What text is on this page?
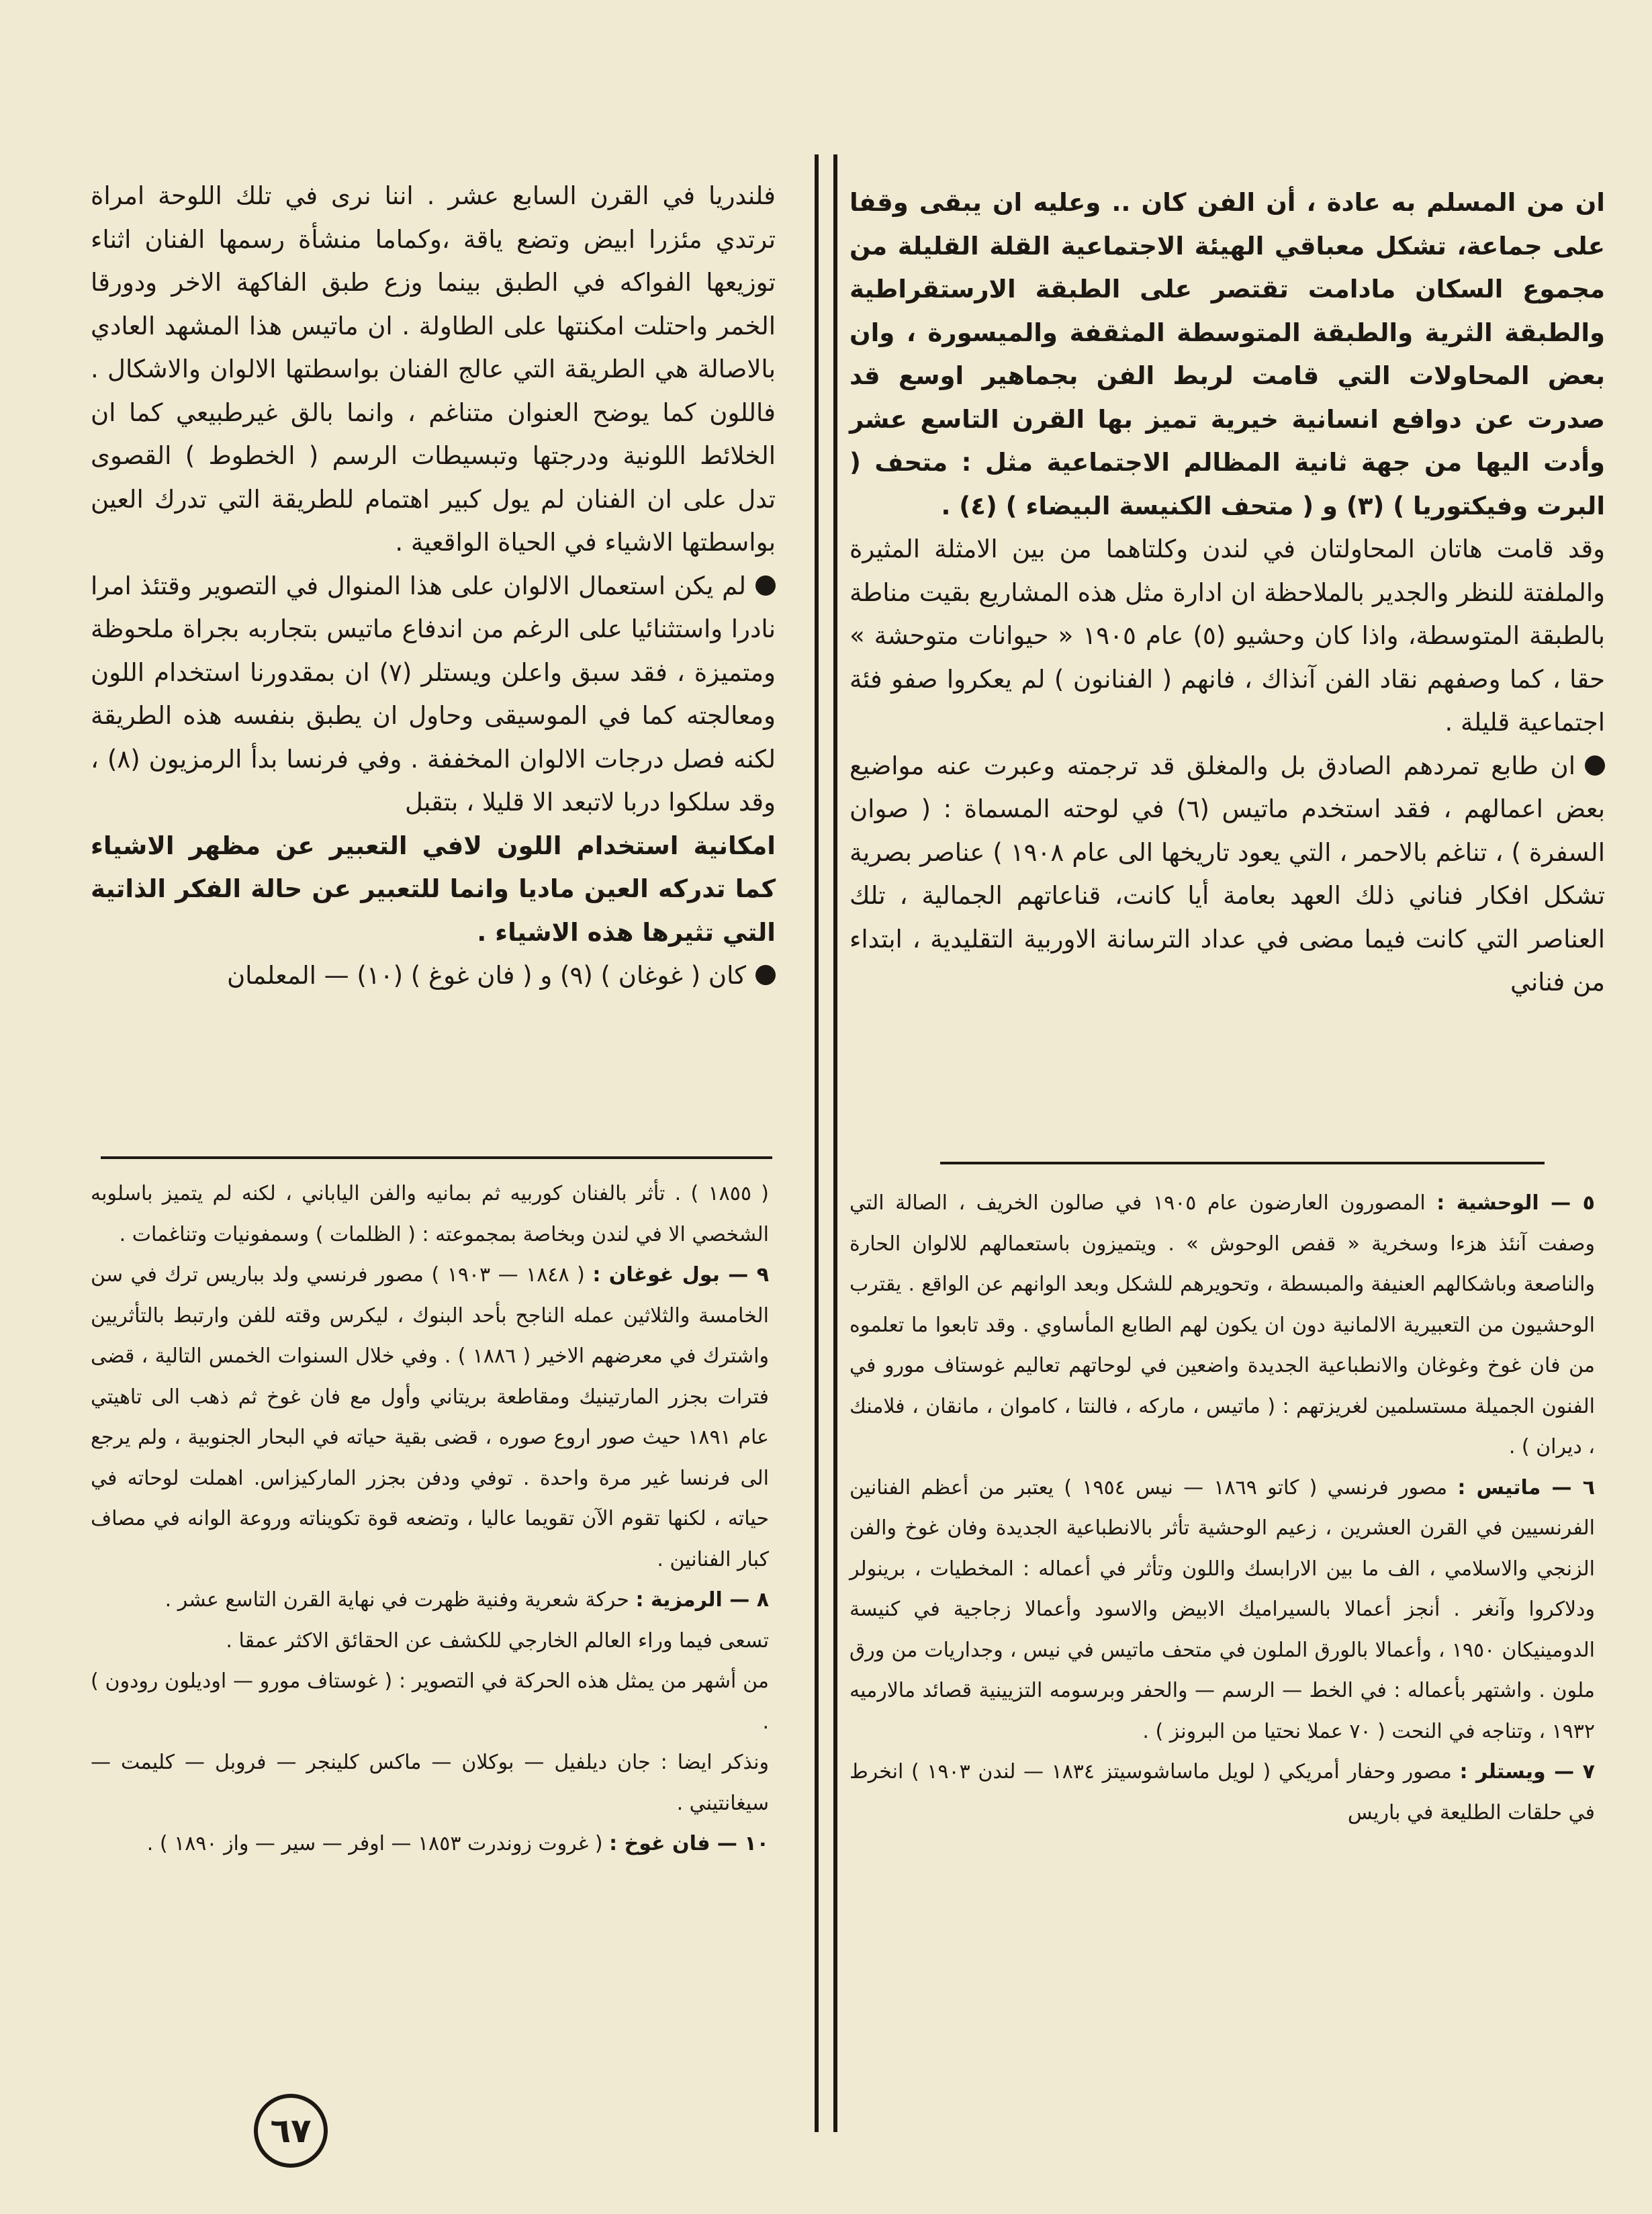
ان من المسلم به عادة ، أن الفن كان .. وعليه ان يبقى وقفا على جماعة، تشكل معباقي الهيئة الاجتماعية القلة القليلة من مجموع السكان مادامت تقتصر على الطبقة الارستقراطية والطبقة الثرية والطبقة المتوسطة المثقفة والميسورة ، وان بعض المحاولات التي قامت لربط الفن بجماهير اوسع قد صدرت عن دوافع انسانية خيرية تميز بها القرن التاسع عشر وأدت اليها من جهة ثانية المظالم الاجتماعية مثل : متحف ( البرت وفيكتوريا ) (٣) و ( متحف الكنيسة البيضاء ) (٤) .

وقد قامت هاتان المحاولتان في لندن وكلتاهما من بين الامثلة المثيرة والملفتة للنظر والجدير بالملاحظة ان ادارة مثل هذه المشاريع بقيت مناطة بالطبقة المتوسطة، واذا كان وحشيو (٥) عام ١٩٠٥ « حيوانات متوحشة » حقا ، كما وصفهم نقاد الفن آنذاك ، فانهم ( الفنانون ) لم يعكروا صفو فئة اجتماعية قليلة .

ان طابع تمردهم الصادق بل والمغلق قد ترجمته وعبرت عنه مواضيع بعض اعمالهم ، فقد استخدم ماتيس (٦) في لوحته المسماة : ( صوان السفرة ) ، تناغم بالاحمر ، التي يعود تاريخها الى عام ١٩٠٨ ) عناصر بصرية تشكل افكار فناني ذلك العهد بعامة أيا كانت، قناعاتهم الجمالية ، تلك العناصر التي كانت فيما مضى في عداد الترسانة الاوربية التقليدية ، ابتداء من فناني

فلندريا في القرن السابع عشر . اننا نرى في تلك اللوحة امراة ترتدي مئزرا ابيض وتضع ياقة ،وكماما منشأة رسمها الفنان اثناء توزيعها الفواكه في الطبق بينما وزع طبق الفاكهة الاخر ودورقا الخمر واحتلت امكنتها على الطاولة . ان ماتيس هذا المشهد العادي بالاصالة هي الطريقة التي عالج الفنان بواسطتها الالوان والاشكال . فاللون كما يوضح العنوان متناغم ، وانما بالق غيرطبيعي كما ان الخلائط اللونية ودرجتها وتبسيطات الرسم ( الخطوط ) القصوى تدل على ان الفنان لم يول كبير اهتمام للطريقة التي تدرك العين بواسطتها الاشياء في الحياة الواقعية .

لم يكن استعمال الالوان على هذا المنوال في التصوير وقتئذ امرا نادرا واستثنائيا على الرغم من اندفاع ماتيس بتجاربه بجراة ملحوظة ومتميزة ، فقد سبق واعلن ويستلر (٧) ان بمقدورنا استخدام اللون ومعالجته كما في الموسيقى وحاول ان يطبق بنفسه هذه الطريقة لكنه فصل درجات الالوان المخففة . وفي فرنسا بدأ الرمزيون (٨) ، وقد سلكوا دربا لاتبعد الا قليلا ، بتقبل

امكانية استخدام اللون لافي التعبير عن مظهر الاشياء كما تدركه العين ماديا وانما للتعبير عن حالة الفكر الذاتية التي تثيرها هذه الاشياء .

كان ( غوغان ) (٩) و ( فان غوغ ) (١٠) — المعلمان

٥ — الوحشية : المصورون العارضون عام ١٩٠٥ في صالون الخريف ، الصالة التي وصفت آنئذ هزءا وسخرية « قفص الوحوش » . ويتميزون باستعمالهم للالوان الحارة والناصعة وباشكالهم العنيفة والمبسطة ، وتحويرهم للشكل وبعد الوانهم عن الواقع . يقترب الوحشيون من التعبيرية الالمانية دون ان يكون لهم الطابع المأساوي . وقد تابعوا ما تعلموه من فان غوخ وغوغان والانطباعية الجديدة واضعين في لوحاتهم تعاليم غوستاف مورو في الفنون الجميلة مستسلمين لغريزتهم : ( ماتيس ، ماركه ، فالنتا ، كاموان ، مانقان ، فلامنك ، ديران ) .

٦ — ماتيس : مصور فرنسي ( كاتو ١٨٦٩ — نيس ١٩٥٤ ) يعتبر من أعظم الفنانين الفرنسيين في القرن العشرين ، زعيم الوحشية تأثر بالانطباعية الجديدة وفان غوخ والفن الزنجي والاسلامي ، الف ما بين الارابسك واللون وتأثر في أعماله : المخطيات ، برينولر ودلاكروا وآنغر . أنجز أعمالا بالسيراميك الابيض والاسود وأعمالا زجاجية في كنيسة الدومينيكان ١٩٥٠ ، وأعمالا بالورق الملون في متحف ماتيس في نيس ، وجداريات من ورق ملون . واشتهر بأعماله : في الخط — الرسم — والحفر وبرسومه التزيينية قصائد مالارميه ١٩٣٢ ، وتناجه في النحت ( ٧٠ عملا نحتيا من البرونز ) .

٧ — ويستلر : مصور وحفار أمريكي ( لويل ماساشوسيتز ١٨٣٤ — لندن ١٩٠٣ ) انخرط في حلقات الطليعة في باريس

( ١٨٥٥ ) . تأثر بالفنان كوربيه ثم بمانيه والفن الياباني ، لكنه لم يتميز باسلوبه الشخصي الا في لندن وبخاصة بمجموعته : ( الظلمات ) وسمفونيات وتناغمات .

٩ — بول غوغان : ( ١٨٤٨ — ١٩٠٣ ) مصور فرنسي ولد بباريس ترك في سن الخامسة والثلاثين عمله الناجح بأحد البنوك ، ليكرس وقته للفن وارتبط بالتأثريين واشترك في معرضهم الاخير ( ١٨٨٦ ) . وفي خلال السنوات الخمس التالية ، قضى فترات بجزر المارتينيك ومقاطعة بريتاني وأول مع فان غوخ ثم ذهب الى تاهيتي عام ١٨٩١ حيث صور اروع صوره ، قضى بقية حياته في البحار الجنوبية ، ولم يرجع الى فرنسا غير مرة واحدة . توفي ودفن بجزر الماركيزاس. اهملت لوحاته في حياته ، لكنها تقوم الآن تقويما عاليا ، وتضعه قوة تكويناته وروعة الوانه في مصاف كبار الفنانين .

٨ — الرمزية : حركة شعرية وفنية ظهرت في نهاية القرن التاسع عشر .

تسعى فيما وراء العالم الخارجي للكشف عن الحقائق الاكثر عمقا .

من أشهر من يمثل هذه الحركة في التصوير : ( غوستاف مورو — اوديلون رودون ) .

ونذكر ايضا : جان ديلفيل — بوكلان — ماكس كلينجر — فروبل — كليمت — سيغانتيني .

١٠ — فان غوخ : ( غروت زوندرت ١٨٥٣ — اوفر — سير — واز ١٨٩٠ ) .

٦٧
